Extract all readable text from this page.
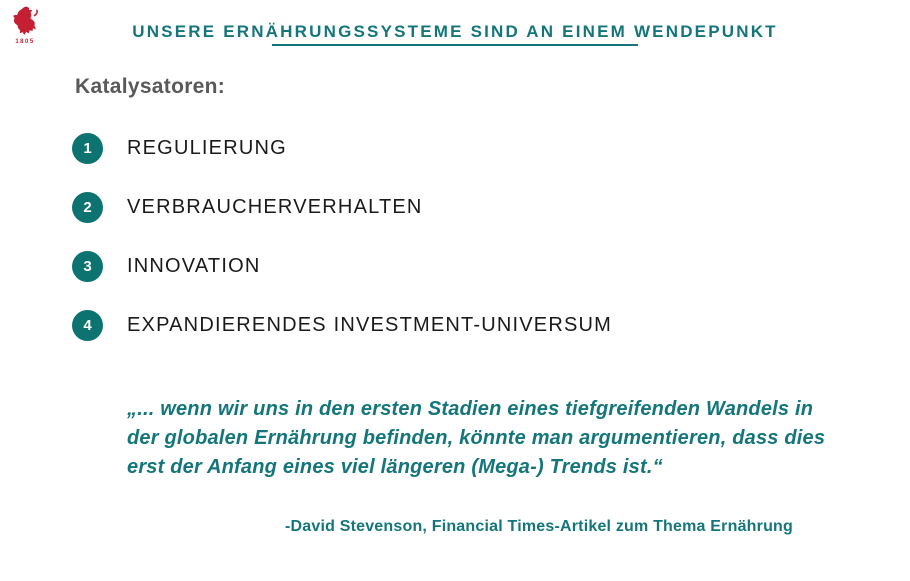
1805
UNSERE ERNÄHRUNGSSYSTEME SIND AN EINEM WENDEPUNKT
Katalysatoren:
1	REGULIERUNG
2	VERBRAUCHERVERHALTEN
3	INNOVATION
4	EXPANDIERENDES INVESTMENT-UNIVERSUM
„... wenn wir uns in den ersten Stadien eines tiefgreifenden Wandels in
der globalen Ernährung befinden, könnte man argumentieren, dass dies
erst der Anfang eines viel längeren (Mega-) Trends ist.“
-David Stevenson, Financial Times-Artikel zum Thema Ernährung
